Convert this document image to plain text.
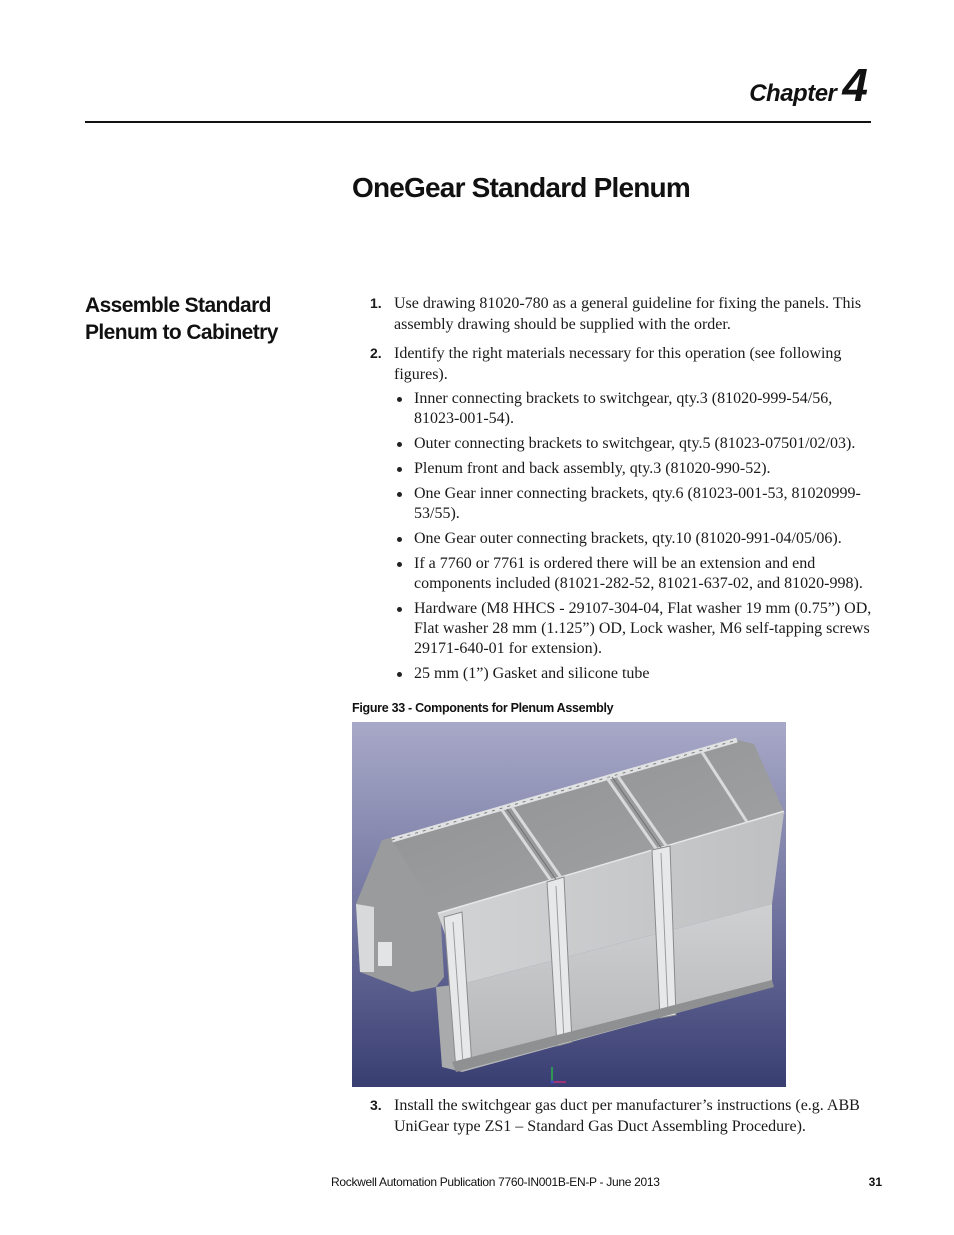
Chapter 4
OneGear Standard Plenum
Assemble Standard Plenum to Cabinetry
1. Use drawing 81020-780 as a general guideline for fixing the panels. This assembly drawing should be supplied with the order.
2. Identify the right materials necessary for this operation (see following figures).
Inner connecting brackets to switchgear, qty.3 (81020-999-54/56, 81023-001-54).
Outer connecting brackets to switchgear, qty.5 (81023-07501/02/03).
Plenum front and back assembly, qty.3 (81020-990-52).
One Gear inner connecting brackets, qty.6 (81023-001-53, 81020999-53/55).
One Gear outer connecting brackets, qty.10 (81020-991-04/05/06).
If a 7760 or 7761 is ordered there will be an extension and end components included (81021-282-52, 81021-637-02, and 81020-998).
Hardware (M8 HHCS - 29107-304-04, Flat washer 19 mm (0.75”) OD, Flat washer 28 mm (1.125”) OD, Lock washer, M6 self-tapping screws 29171-640-01 for extension).
25 mm (1”) Gasket and silicone tube
Figure 33 - Components for Plenum Assembly
3. Install the switchgear gas duct per manufacturer’s instructions (e.g. ABB UniGear type ZS1 – Standard Gas Duct Assembling Procedure).
Rockwell Automation Publication 7760-IN001B-EN-P - June 2013	31
